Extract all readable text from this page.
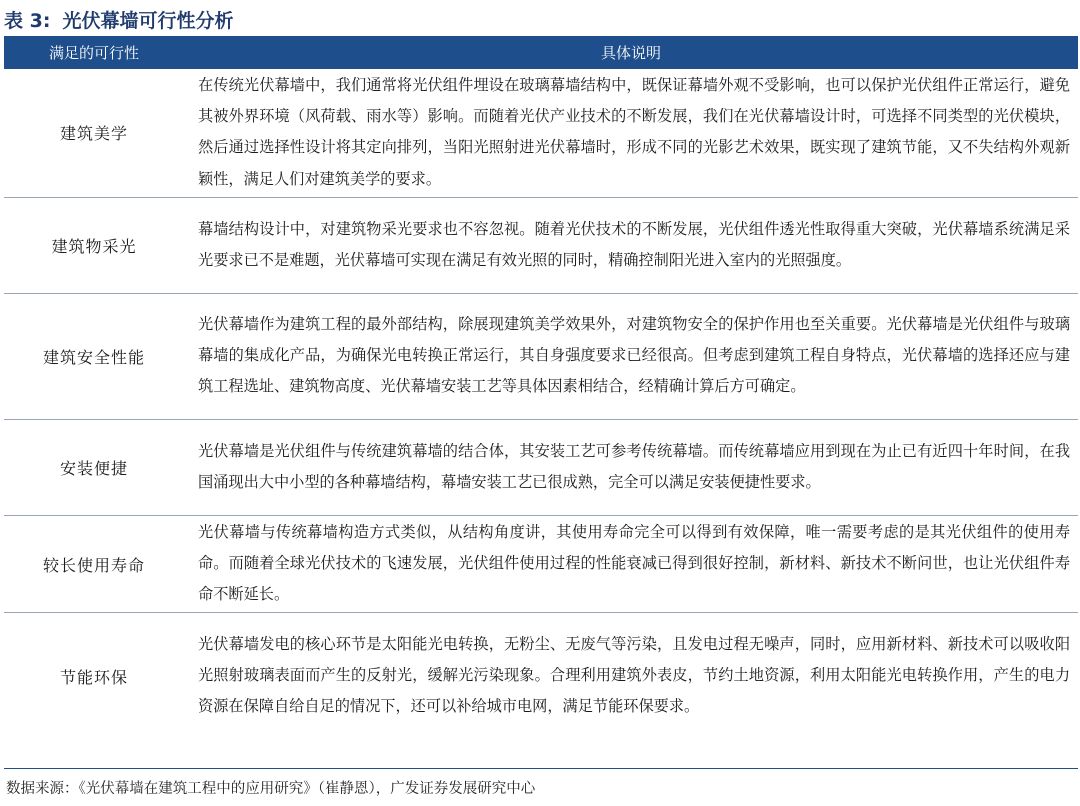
表 3: 光伏幕墙可行性分析
满足的可行性	具体说明
建筑美学	在传统光伏幕墙中，我们通常将光伏组件埋设在玻璃幕墙结构中，既保证幕墙外观不受影响，也可以保护光伏组件正常运行，避免其被外界环境（风荷载、雨水等）影响。而随着光伏产业技术的不断发展，我们在光伏幕墙设计时，可选择不同类型的光伏模块，然后通过选择性设计将其定向排列，当阳光照射进光伏幕墙时，形成不同的光影艺术效果，既实现了建筑节能，又不失结构外观新颖性，满足人们对建筑美学的要求。
建筑物采光	幕墙结构设计中，对建筑物采光要求也不容忽视。随着光伏技术的不断发展，光伏组件透光性取得重大突破，光伏幕墙系统满足采光要求已不是难题，光伏幕墙可实现在满足有效光照的同时，精确控制阳光进入室内的光照强度。
建筑安全性能	光伏幕墙作为建筑工程的最外部结构，除展现建筑美学效果外，对建筑物安全的保护作用也至关重要。光伏幕墙是光伏组件与玻璃幕墙的集成化产品，为确保光电转换正常运行，其自身强度要求已经很高。但考虑到建筑工程自身特点，光伏幕墙的选择还应与建筑工程选址、建筑物高度、光伏幕墙安装工艺等具体因素相结合，经精确计算后方可确定。
安装便捷	光伏幕墙是光伏组件与传统建筑幕墙的结合体，其安装工艺可参考传统幕墙。而传统幕墙应用到现在为止已有近四十年时间，在我国涌现出大中小型的各种幕墙结构，幕墙安装工艺已很成熟，完全可以满足安装便捷性要求。
较长使用寿命	光伏幕墙与传统幕墙构造方式类似，从结构角度讲，其使用寿命完全可以得到有效保障，唯一需要考虑的是其光伏组件的使用寿命。而随着全球光伏技术的飞速发展，光伏组件使用过程的性能衰减已得到很好控制，新材料、新技术不断问世，也让光伏组件寿命不断延长。
节能环保	光伏幕墙发电的核心环节是太阳能光电转换，无粉尘、无废气等污染，且发电过程无噪声，同时，应用新材料、新技术可以吸收阳光照射玻璃表面而产生的反射光，缓解光污染现象。合理利用建筑外表皮，节约土地资源，利用太阳能光电转换作用，产生的电力资源在保障自给自足的情况下，还可以补给城市电网，满足节能环保要求。
数据来源：《光伏幕墙在建筑工程中的应用研究》（崔静恩），广发证券发展研究中心
